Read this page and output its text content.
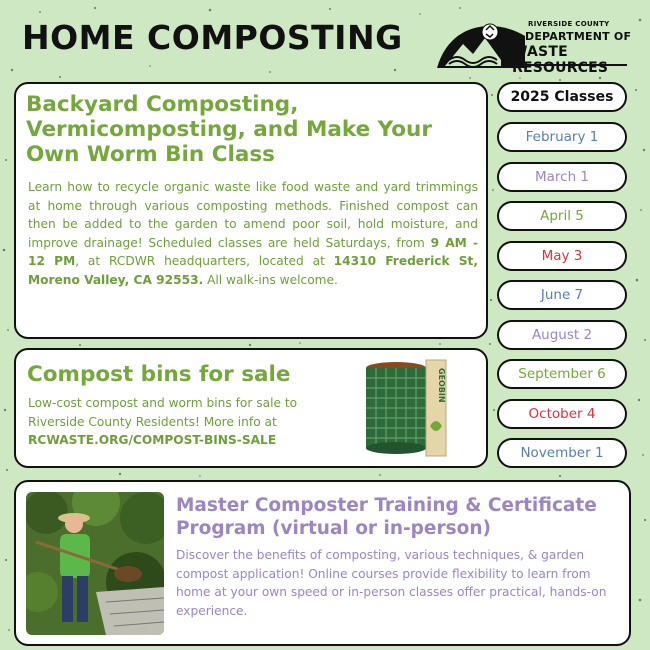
HOME COMPOSTING	RIVERSIDE COUNTY
DEPARTMENT OF
WASTE RESOURCES
Backyard Composting, Vermicomposting, and Make Your Own Worm Bin Class
Learn how to recycle organic waste like food waste and yard trimmings at home through various composting methods. Finished compost can then be added to the garden to amend poor soil, hold moisture, and improve drainage! Scheduled classes are held Saturdays, from 9 AM - 12 PM, at RCDWR headquarters, located at 14310 Frederick St, Moreno Valley, CA 92553. All walk-ins welcome.
Compost bins for sale
Low-cost compost and worm bins for sale to Riverside County Residents! More info at RCWASTE.ORG/COMPOST-BINS-SALE
GEOBIN
Master Composter Training & Certificate Program (virtual or in-person)
Discover the benefits of composting, various techniques, & garden compost application! Online courses provide flexibility to learn from home at your own speed or in-person classes offer practical, hands-on experience.
2025 Classes
February 1
March 1
April 5
May 3
June 7
August 2
September 6
October 4
November 1
